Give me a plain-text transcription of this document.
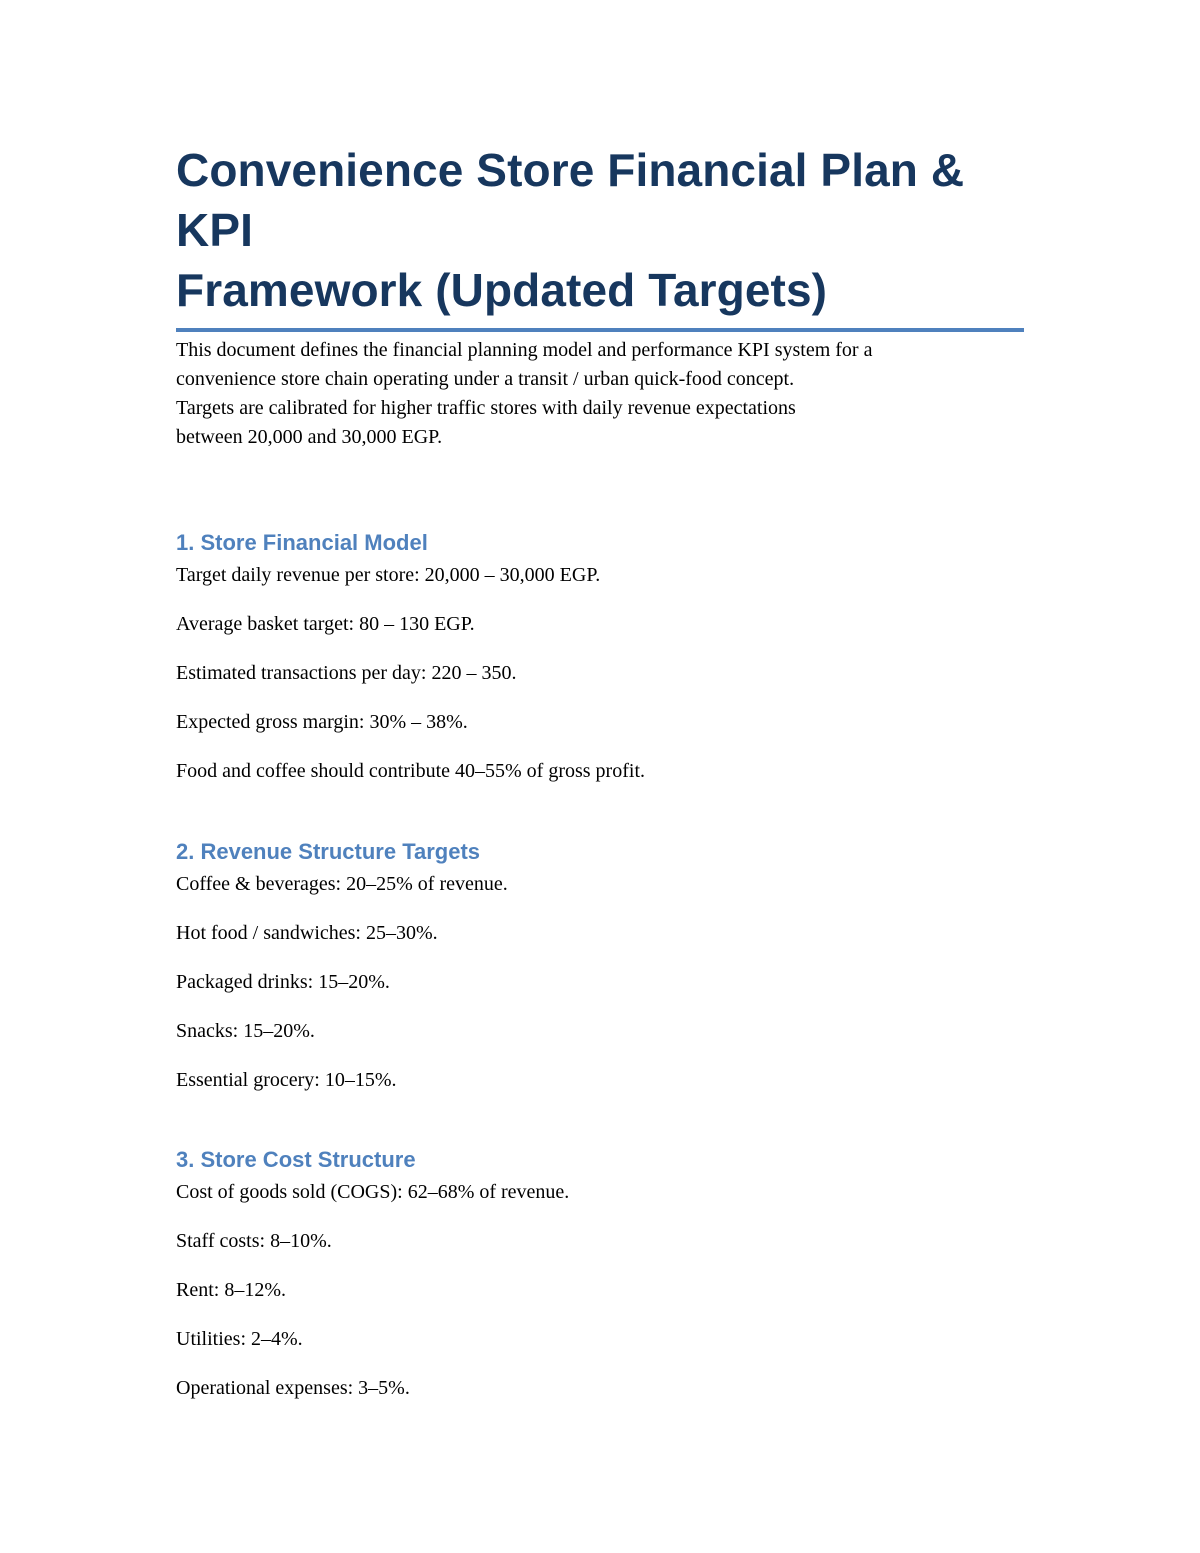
Convenience Store Financial Plan & KPI
Framework (Updated Targets)

This document defines the financial planning model and performance KPI system for a
convenience store chain operating under a transit / urban quick-food concept.
Targets are calibrated for higher traffic stores with daily revenue expectations
between 20,000 and 30,000 EGP.

1. Store Financial Model

Target daily revenue per store: 20,000 – 30,000 EGP.

Average basket target: 80 – 130 EGP.

Estimated transactions per day: 220 – 350.

Expected gross margin: 30% – 38%.

Food and coffee should contribute 40–55% of gross profit.

2. Revenue Structure Targets

Coffee & beverages: 20–25% of revenue.

Hot food / sandwiches: 25–30%.

Packaged drinks: 15–20%.

Snacks: 15–20%.

Essential grocery: 10–15%.

3. Store Cost Structure

Cost of goods sold (COGS): 62–68% of revenue.

Staff costs: 8–10%.

Rent: 8–12%.

Utilities: 2–4%.

Operational expenses: 3–5%.
